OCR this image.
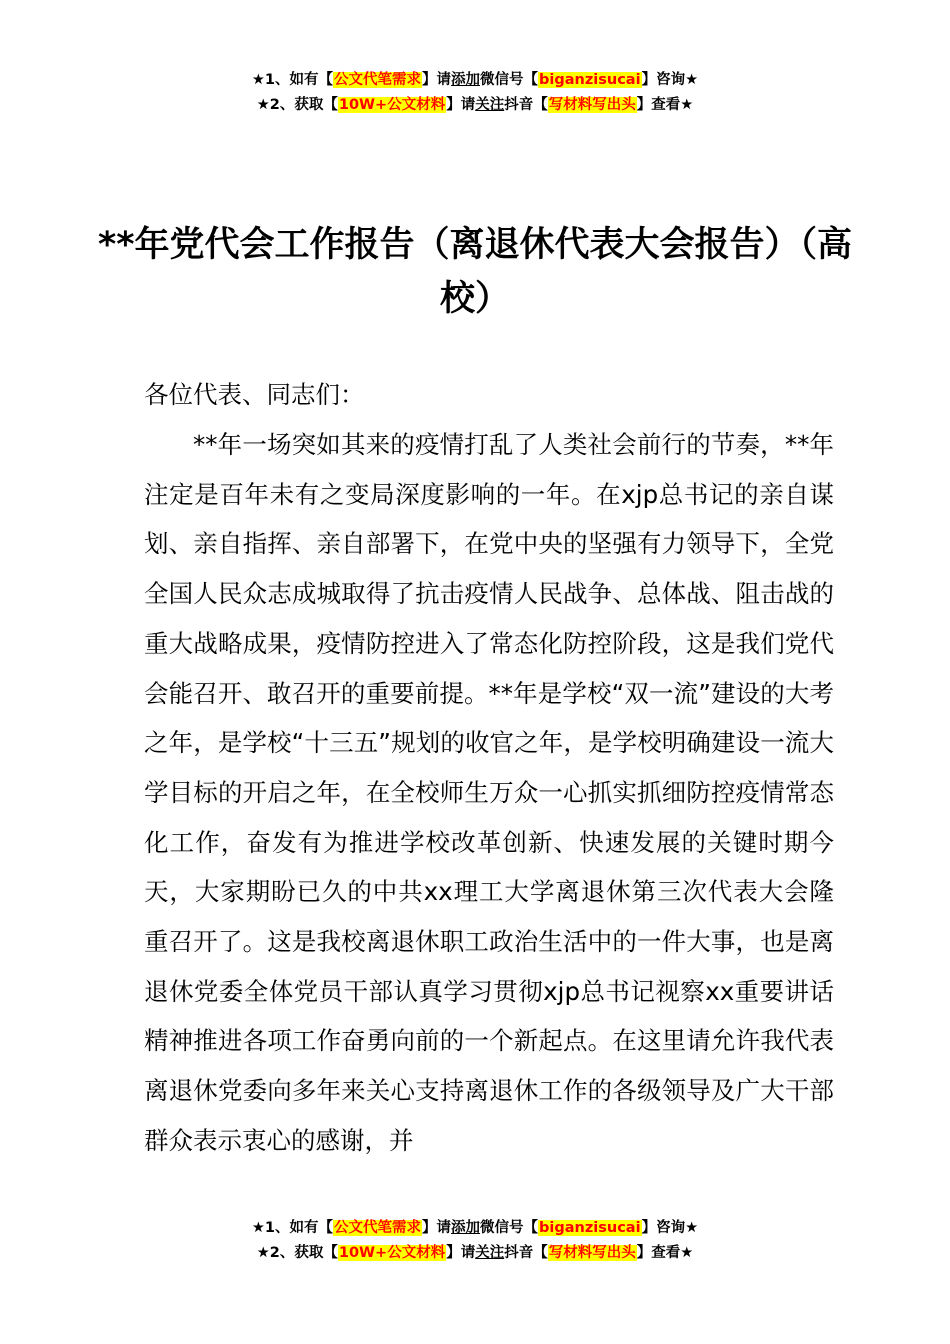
★1、如有【公文代笔需求】请添加微信号【biganzisucai】咨询★
★2、获取【10W+公文材料】请关注抖音【写材料写出头】查看★
**年党代会工作报告（离退休代表大会报告）（高校）
各位代表、同志们：
**年一场突如其来的疫情打乱了人类社会前行的节奏，**年注定是百年未有之变局深度影响的一年。在xjp总书记的亲自谋划、亲自指挥、亲自部署下，在党中央的坚强有力领导下，全党全国人民众志成城取得了抗击疫情人民战争、总体战、阻击战的重大战略成果，疫情防控进入了常态化防控阶段，这是我们党代会能召开、敢召开的重要前提。**年是学校“双一流”建设的大考之年，是学校“十三五”规划的收官之年，是学校明确建设一流大学目标的开启之年，在全校师生万众一心抓实抓细防控疫情常态化工作，奋发有为推进学校改革创新、快速发展的关键时期今天，大家期盼已久的中共xx理工大学离退休第三次代表大会隆重召开了。这是我校离退休职工政治生活中的一件大事，也是离退休党委全体党员干部认真学习贯彻xjp总书记视察xx重要讲话精神推进各项工作奋勇向前的一个新起点。在这里请允许我代表离退休党委向多年来关心支持离退休工作的各级领导及广大干部群众表示衷心的感谢，并
★1、如有【公文代笔需求】请添加微信号【biganzisucai】咨询★
★2、获取【10W+公文材料】请关注抖音【写材料写出头】查看★
